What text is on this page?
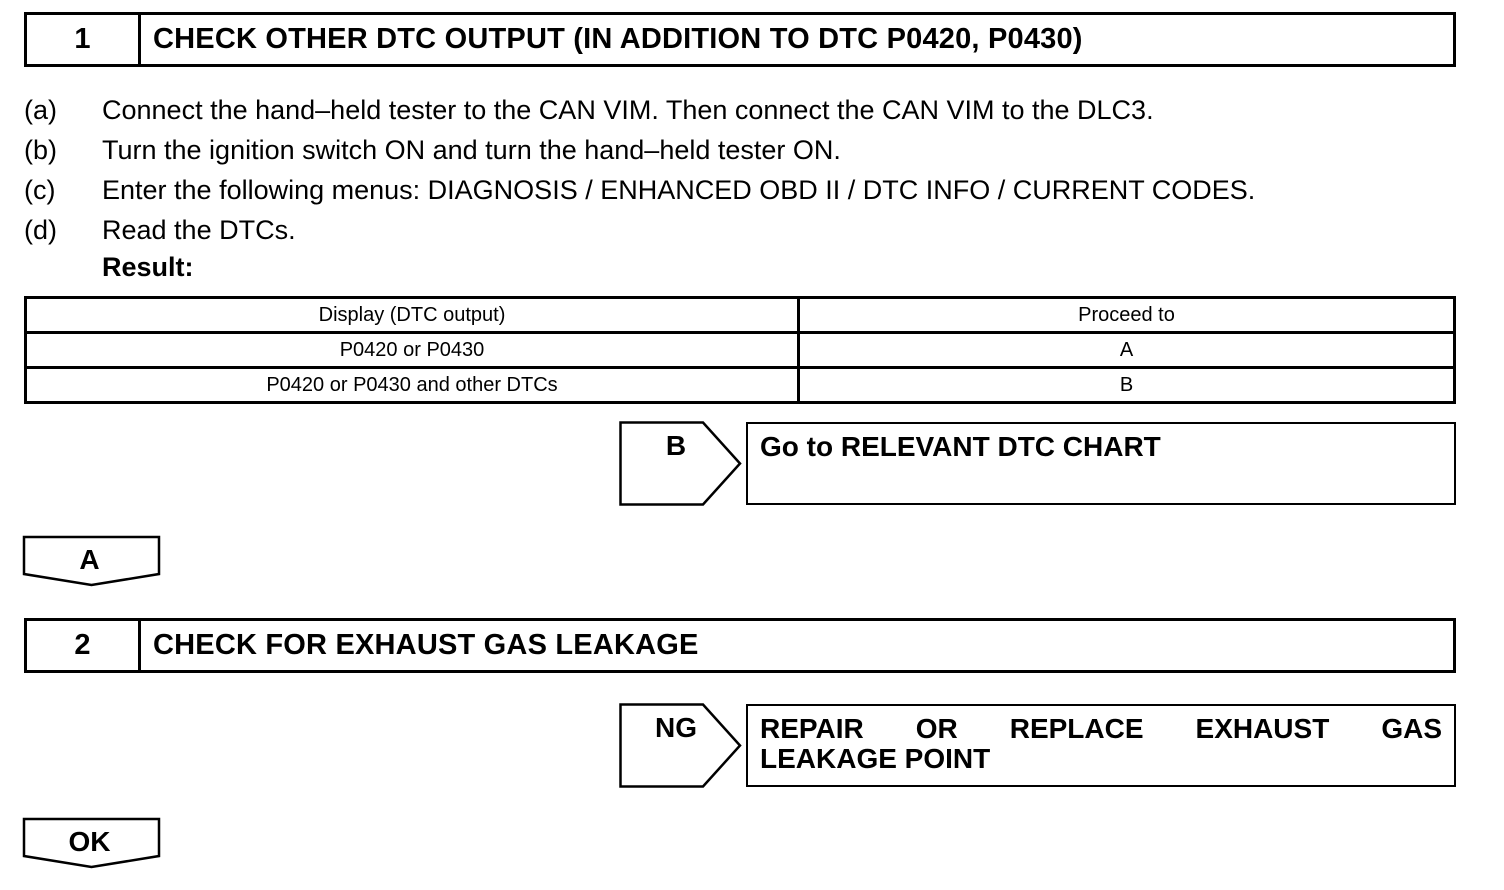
1	CHECK OTHER DTC OUTPUT (IN ADDITION TO DTC P0420, P0430)
(a) Connect the hand–held tester to the CAN VIM. Then connect the CAN VIM to the DLC3.
(b) Turn the ignition switch ON and turn the hand–held tester ON.
(c) Enter the following menus: DIAGNOSIS / ENHANCED OBD II / DTC INFO / CURRENT CODES.
(d) Read the DTCs.
Result:
Display (DTC output)	Proceed to
P0420 or P0430	A
P0420 or P0430 and other DTCs	B
B	Go to RELEVANT DTC CHART
A
2	CHECK FOR EXHAUST GAS LEAKAGE
NG	REPAIR OR REPLACE EXHAUST GAS
LEAKAGE POINT
OK
